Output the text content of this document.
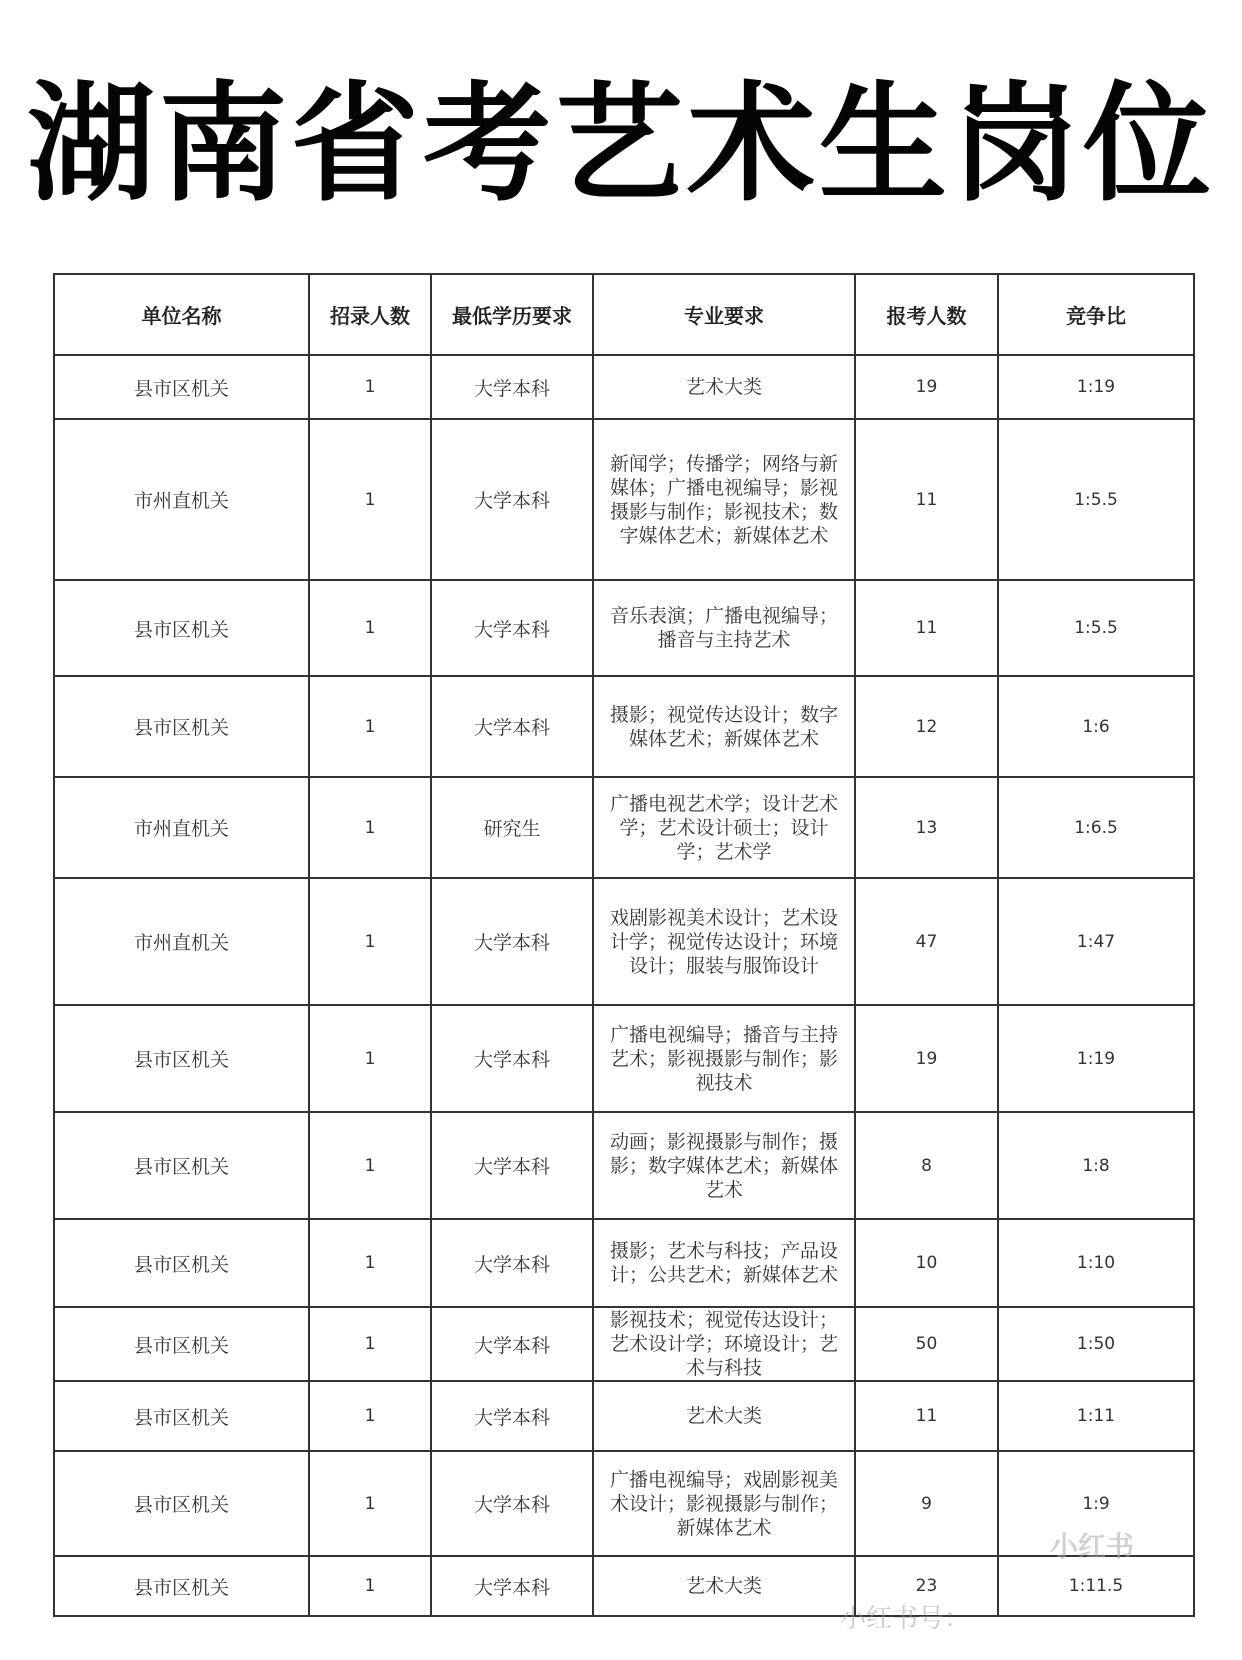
湖南省考艺术生岗位
单位名称	招录人数	最低学历要求	专业要求	报考人数	竞争比
县市区机关	1	大学本科	艺术大类	19	1:19
市州直机关	1	大学本科	新闻学；传播学；网络与新媒体；广播电视编导；影视摄影与制作；影视技术；数字媒体艺术；新媒体艺术	11	1:5.5
县市区机关	1	大学本科	音乐表演；广播电视编导；播音与主持艺术	11	1:5.5
县市区机关	1	大学本科	摄影；视觉传达设计；数字媒体艺术；新媒体艺术	12	1:6
市州直机关	1	研究生	广播电视艺术学；设计艺术学；艺术设计硕士；设计学；艺术学	13	1:6.5
市州直机关	1	大学本科	戏剧影视美术设计；艺术设计学；视觉传达设计；环境设计；服装与服饰设计	47	1:47
县市区机关	1	大学本科	广播电视编导；播音与主持艺术；影视摄影与制作；影视技术	19	1:19
县市区机关	1	大学本科	动画；影视摄影与制作；摄影；数字媒体艺术；新媒体艺术	8	1:8
县市区机关	1	大学本科	摄影；艺术与科技；产品设计；公共艺术；新媒体艺术	10	1:10
县市区机关	1	大学本科	影视技术；视觉传达设计；艺术设计学；环境设计；艺术与科技	50	1:50
县市区机关	1	大学本科	艺术大类	11	1:11
县市区机关	1	大学本科	广播电视编导；戏剧影视美术设计；影视摄影与制作；新媒体艺术	9	1:9
县市区机关	1	大学本科	艺术大类	23	1:11.5
小红书
小红书号：
